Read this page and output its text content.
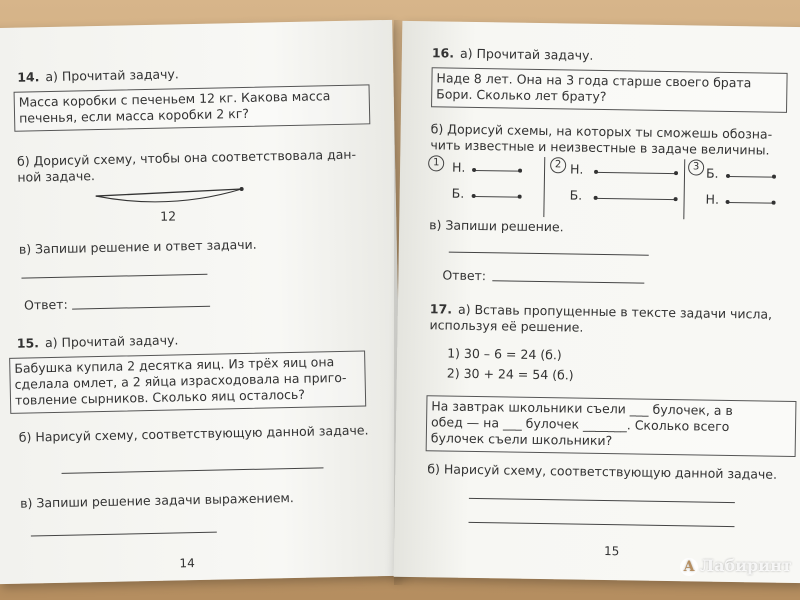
14. а) Прочитай задачу.
Масса коробки с печеньем 12 кг. Какова масса
печенья, если масса коробки 2 кг?
б) Дорисуй схему, чтобы она соответствовала дан-
ной задаче.
12
в) Запиши решение и ответ задачи.
Ответ:
15. а) Прочитай задачу.
Бабушка купила 2 десятка яиц. Из трёх яиц она
сделала омлет, а 2 яйца израсходовала на приго-
товление сырников. Сколько яиц осталось?
б) Нарисуй схему, соответствующую данной задаче.
в) Запиши решение задачи выражением.
14
16. а) Прочитай задачу.
Наде 8 лет. Она на 3 года старше своего брата
Бори. Сколько лет брату?
б) Дорисуй схемы, на которых ты сможешь обозна-
чить известные и неизвестные в задаче величины.
1	Н.
Б.
2 Н.
Б.
3 Б.
Н.
в) Запиши решение.
Ответ:
17. а) Вставь пропущенные в тексте задачи числа,
используя её решение.
1) 30 – 6 = 24 (б.)
2) 30 + 24 = 54 (б.)
На завтрак школьники съели ___ булочек, а в
обед — на ___ булочек _______. Сколько всего
булочек съели школьники?
б) Нарисуй схему, соответствующую данной задаче.
15
A Лабиринт
